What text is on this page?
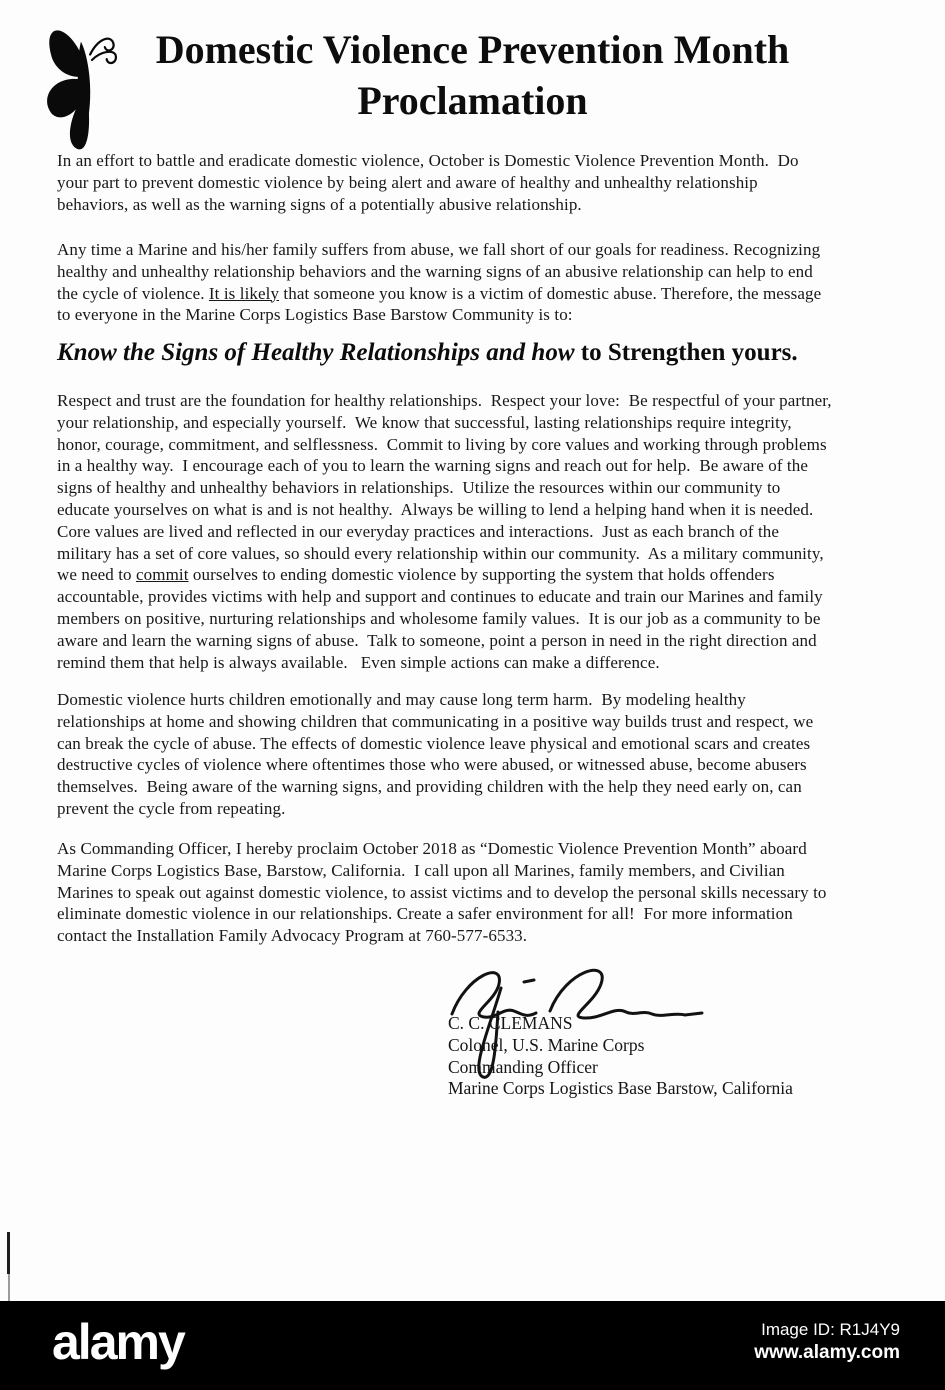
Domestic Violence Prevention Month
Proclamation
In an effort to battle and eradicate domestic violence, October is Domestic Violence Prevention Month.  Do
your part to prevent domestic violence by being alert and aware of healthy and unhealthy relationship
behaviors, as well as the warning signs of a potentially abusive relationship.
Any time a Marine and his/her family suffers from abuse, we fall short of our goals for readiness. Recognizing
healthy and unhealthy relationship behaviors and the warning signs of an abusive relationship can help to end
the cycle of violence. It is likely that someone you know is a victim of domestic abuse. Therefore, the message
to everyone in the Marine Corps Logistics Base Barstow Community is to:
Know the Signs of Healthy Relationships and how to Strengthen yours.
Respect and trust are the foundation for healthy relationships.  Respect your love:  Be respectful of your partner,
your relationship, and especially yourself.  We know that successful, lasting relationships require integrity,
honor, courage, commitment, and selflessness.  Commit to living by core values and working through problems
in a healthy way.  I encourage each of you to learn the warning signs and reach out for help.  Be aware of the
signs of healthy and unhealthy behaviors in relationships.  Utilize the resources within our community to
educate yourselves on what is and is not healthy.  Always be willing to lend a helping hand when it is needed.
Core values are lived and reflected in our everyday practices and interactions.  Just as each branch of the
military has a set of core values, so should every relationship within our community.  As a military community,
we need to commit ourselves to ending domestic violence by supporting the system that holds offenders
accountable, provides victims with help and support and continues to educate and train our Marines and family
members on positive, nurturing relationships and wholesome family values.  It is our job as a community to be
aware and learn the warning signs of abuse.  Talk to someone, point a person in need in the right direction and
remind them that help is always available.   Even simple actions can make a difference.
Domestic violence hurts children emotionally and may cause long term harm.  By modeling healthy
relationships at home and showing children that communicating in a positive way builds trust and respect, we
can break the cycle of abuse. The effects of domestic violence leave physical and emotional scars and creates
destructive cycles of violence where oftentimes those who were abused, or witnessed abuse, become abusers
themselves.  Being aware of the warning signs, and providing children with the help they need early on, can
prevent the cycle from repeating.
As Commanding Officer, I hereby proclaim October 2018 as “Domestic Violence Prevention Month” aboard
Marine Corps Logistics Base, Barstow, California.  I call upon all Marines, family members, and Civilian
Marines to speak out against domestic violence, to assist victims and to develop the personal skills necessary to
eliminate domestic violence in our relationships. Create a safer environment for all!  For more information
contact the Installation Family Advocacy Program at 760-577-6533.
C. C. CLEMANS
Colonel, U.S. Marine Corps
Commanding Officer
Marine Corps Logistics Base Barstow, California
alamy	Image ID: R1J4Y9
www.alamy.com
